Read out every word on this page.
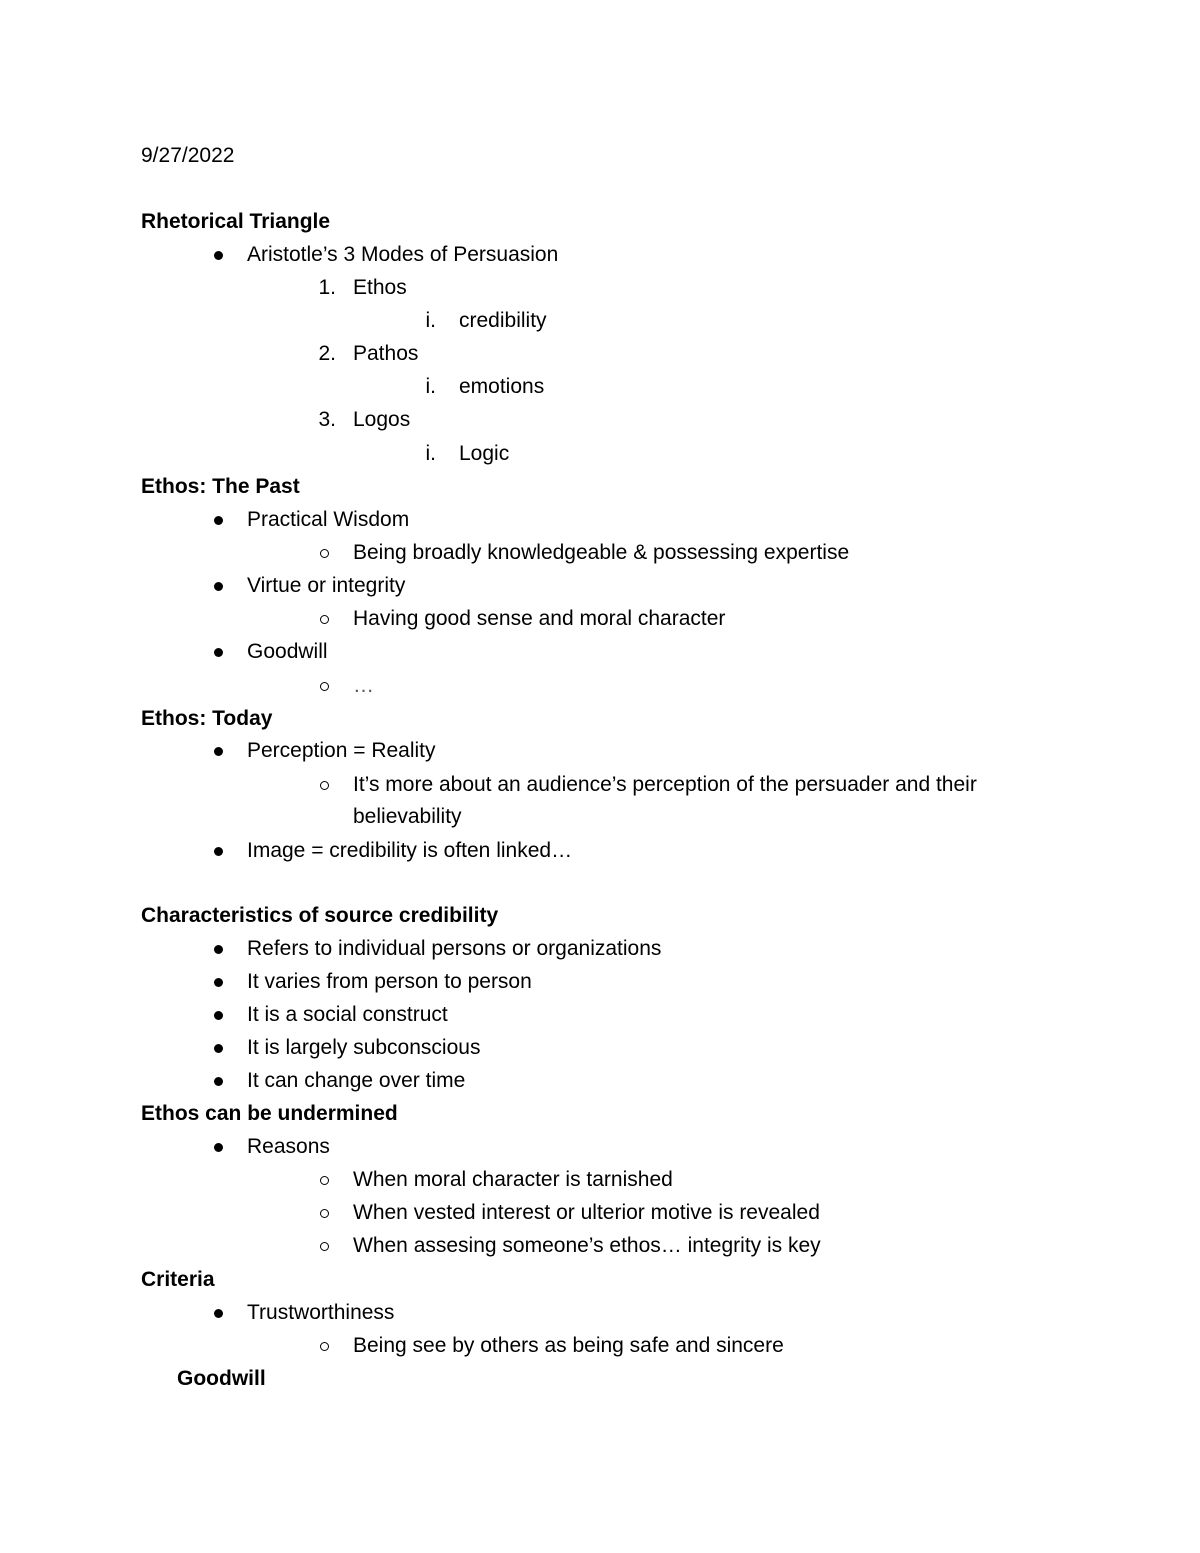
9/27/2022
Rhetorical Triangle
Aristotle’s 3 Modes of Persuasion
1. Ethos
i. credibility
2. Pathos
i. emotions
3. Logos
i. Logic
Ethos: The Past
Practical Wisdom
Being broadly knowledgeable & possessing expertise
Virtue or integrity
Having good sense and moral character
Goodwill
…
Ethos: Today
Perception = Reality
It’s more about an audience’s perception of the persuader and their
believability
Image = credibility is often linked…
Characteristics of source credibility
Refers to individual persons or organizations
It varies from person to person
It is a social construct
It is largely subconscious
It can change over time
Ethos can be undermined
Reasons
When moral character is tarnished
When vested interest or ulterior motive is revealed
When assesing someone’s ethos… integrity is key
Criteria
Trustworthiness
Being see by others as being safe and sincere
Goodwill
